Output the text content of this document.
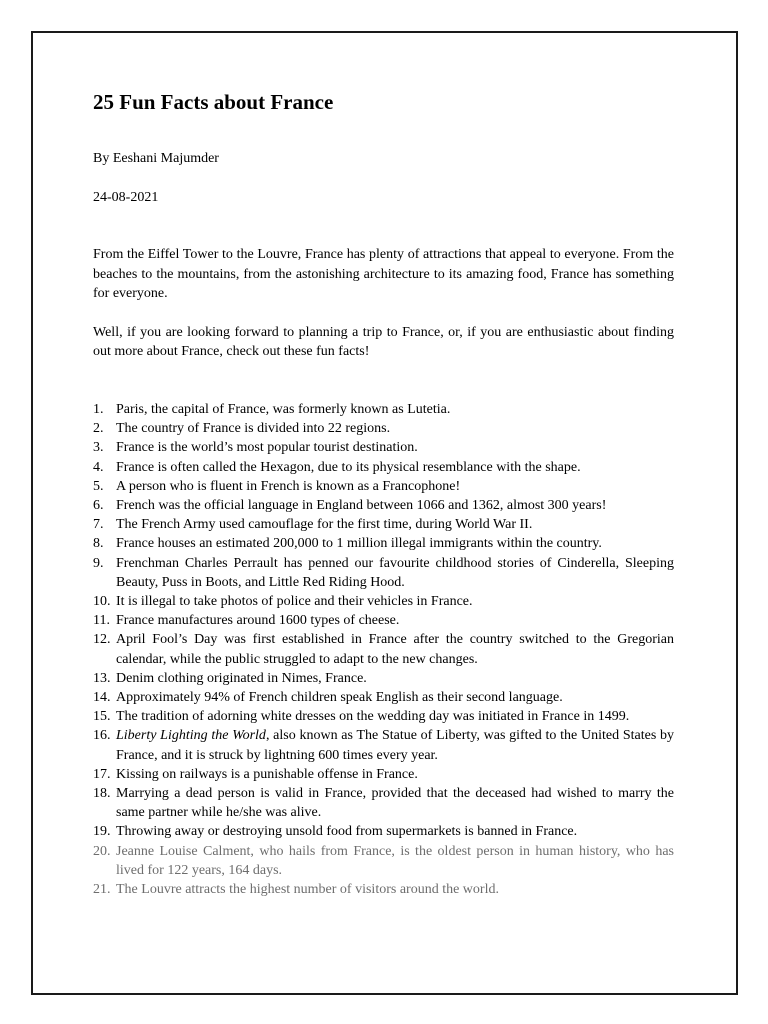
25 Fun Facts about France

By Eeshani Majumder

24-08-2021

From the Eiffel Tower to the Louvre, France has plenty of attractions that appeal to everyone. From the beaches to the mountains, from the astonishing architecture to its amazing food, France has something for everyone.

Well, if you are looking forward to planning a trip to France, or, if you are enthusiastic about finding out more about France, check out these fun facts!

1. Paris, the capital of France, was formerly known as Lutetia.
2. The country of France is divided into 22 regions.
3. France is the world’s most popular tourist destination.
4. France is often called the Hexagon, due to its physical resemblance with the shape.
5. A person who is fluent in French is known as a Francophone!
6. French was the official language in England between 1066 and 1362, almost 300 years!
7. The French Army used camouflage for the first time, during World War II.
8. France houses an estimated 200,000 to 1 million illegal immigrants within the country.
9. Frenchman Charles Perrault has penned our favourite childhood stories of Cinderella, Sleeping Beauty, Puss in Boots, and Little Red Riding Hood.
10. It is illegal to take photos of police and their vehicles in France.
11. France manufactures around 1600 types of cheese.
12. April Fool’s Day was first established in France after the country switched to the Gregorian calendar, while the public struggled to adapt to the new changes.
13. Denim clothing originated in Nimes, France.
14. Approximately 94% of French children speak English as their second language.
15. The tradition of adorning white dresses on the wedding day was initiated in France in 1499.
16. Liberty Lighting the World, also known as The Statue of Liberty, was gifted to the United States by France, and it is struck by lightning 600 times every year.
17. Kissing on railways is a punishable offense in France.
18. Marrying a dead person is valid in France, provided that the deceased had wished to marry the same partner while he/she was alive.
19. Throwing away or destroying unsold food from supermarkets is banned in France.
20. Jeanne Louise Calment, who hails from France, is the oldest person in human history, who has lived for 122 years, 164 days.
21. The Louvre attracts the highest number of visitors around the world.
